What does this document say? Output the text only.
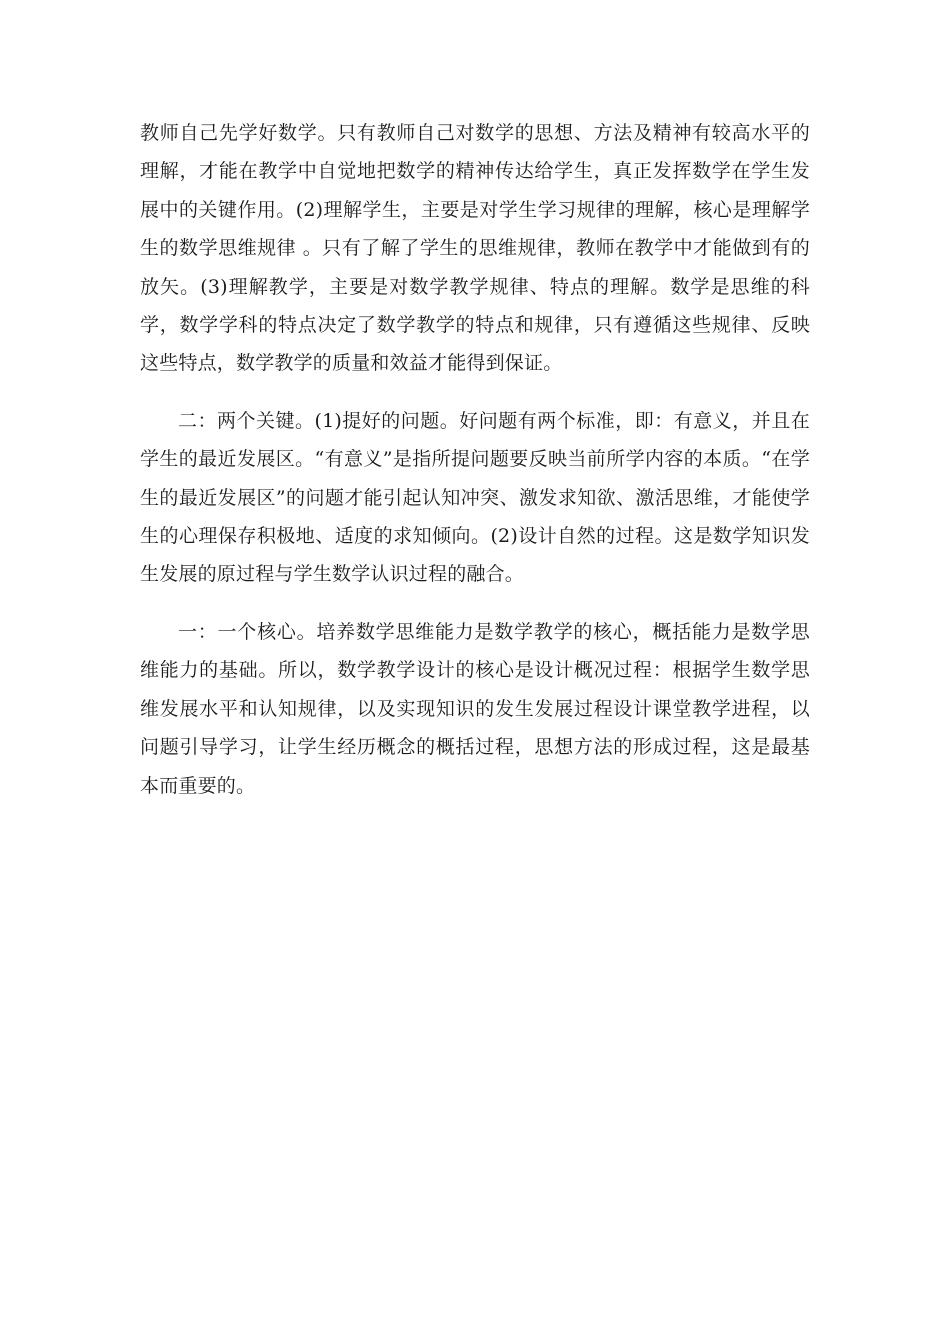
教师自己先学好数学。只有教师自己对数学的思想、方法及精神有较高水平的理解，才能在教学中自觉地把数学的精神传达给学生，真正发挥数学在学生发展中的关键作用。(2)理解学生，主要是对学生学习规律的理解，核心是理解学生的数学思维规律 。只有了解了学生的思维规律，教师在教学中才能做到有的放矢。(3)理解教学，主要是对数学教学规律、特点的理解。数学是思维的科学，数学学科的特点决定了数学教学的特点和规律，只有遵循这些规律、反映这些特点，数学教学的质量和效益才能得到保证。

二：两个关键。(1)提好的问题。好问题有两个标准，即：有意义，并且在学生的最近发展区。“有意义”是指所提问题要反映当前所学内容的本质。“在学生的最近发展区”的问题才能引起认知冲突、激发求知欲、激活思维，才能使学生的心理保存积极地、适度的求知倾向。(2)设计自然的过程。这是数学知识发生发展的原过程与学生数学认识过程的融合。

一：一个核心。培养数学思维能力是数学教学的核心，概括能力是数学思维能力的基础。所以，数学教学设计的核心是设计概况过程：根据学生数学思维发展水平和认知规律，以及实现知识的发生发展过程设计课堂教学进程，以问题引导学习，让学生经历概念的概括过程，思想方法的形成过程，这是最基本而重要的。
